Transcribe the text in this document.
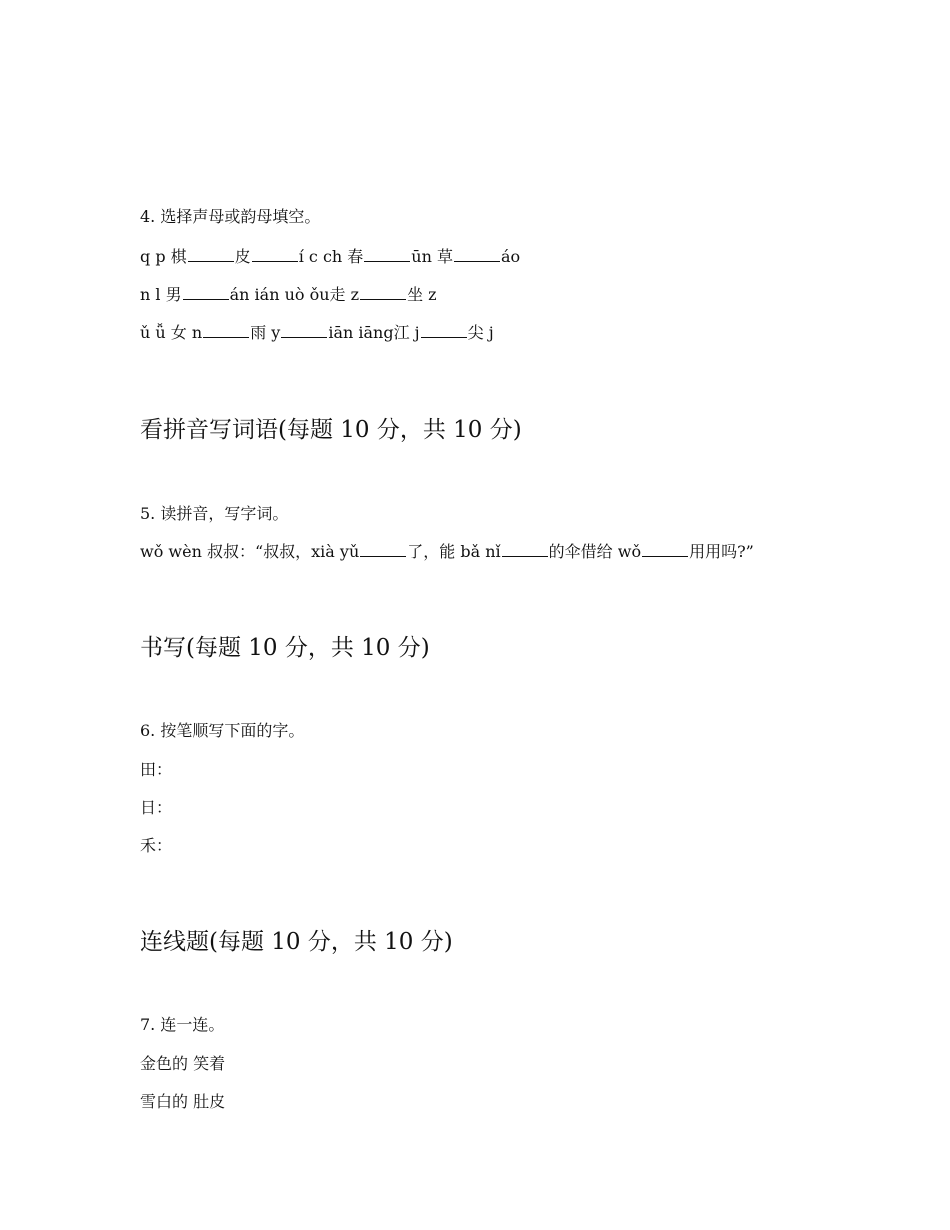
4. 选择声母或韵母填空。
q p 棋	皮	í c ch 春	ūn 草	áo
n l 男	án ián uò ǒu走 z	坐 z
ǔ ǚ 女 n	雨 y	iān iāng江 j	尖 j
看拼音写词语(每题 10 分，共 10 分)
5. 读拼音，写字词。
wǒ wèn 叔叔：“叔叔，xià yǔ	了，能 bǎ nǐ	的伞借给 wǒ	用用吗?”
书写(每题 10 分，共 10 分)
6. 按笔顺写下面的字。
田：
日：
禾：
连线题(每题 10 分，共 10 分)
7. 连一连。
金色的 笑着
雪白的 肚皮
